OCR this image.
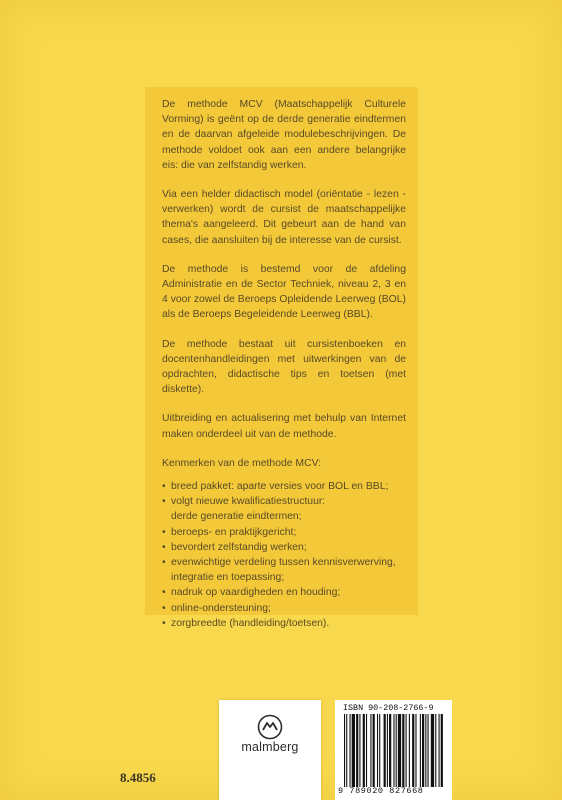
De methode MCV (Maatschappelijk Culturele Vorming) is geënt op de derde generatie eindtermen en de daarvan afgeleide modulebeschrijvingen. De methode voldoet ook aan een andere belangrijke eis: die van zelfstandig werken.

Via een helder didactisch model (oriëntatie - lezen - verwerken) wordt de cursist de maatschappelijke thema's aangeleerd. Dit gebeurt aan de hand van cases, die aansluiten bij de interesse van de cursist.

De methode is bestemd voor de afdeling Administratie en de Sector Techniek, niveau 2, 3 en 4 voor zowel de Beroeps Opleidende Leerweg (BOL) als de Beroeps Begeleidende Leerweg (BBL).

De methode bestaat uit cursistenboeken en docentenhandleidingen met uitwerkingen van de opdrachten, didactische tips en toetsen (met diskette).

Uitbreiding en actualisering met behulp van Internet maken onderdeel uit van de methode.

Kenmerken van de methode MCV:

• breed pakket: aparte versies voor BOL en BBL;
• volgt nieuwe kwalificatiestructuur:
derde generatie eindtermen;
• beroeps- en praktijkgericht;
• bevordert zelfstandig werken;
• evenwichtige verdeling tussen kennisverwerving, integratie en toepassing;
• nadruk op vaardigheden en houding;
• online-ondersteuning;
• zorgbreedte (handleiding/toetsen).
malmberg
ISBN 90-208-2766-9
9 789020 827668
8.4856
